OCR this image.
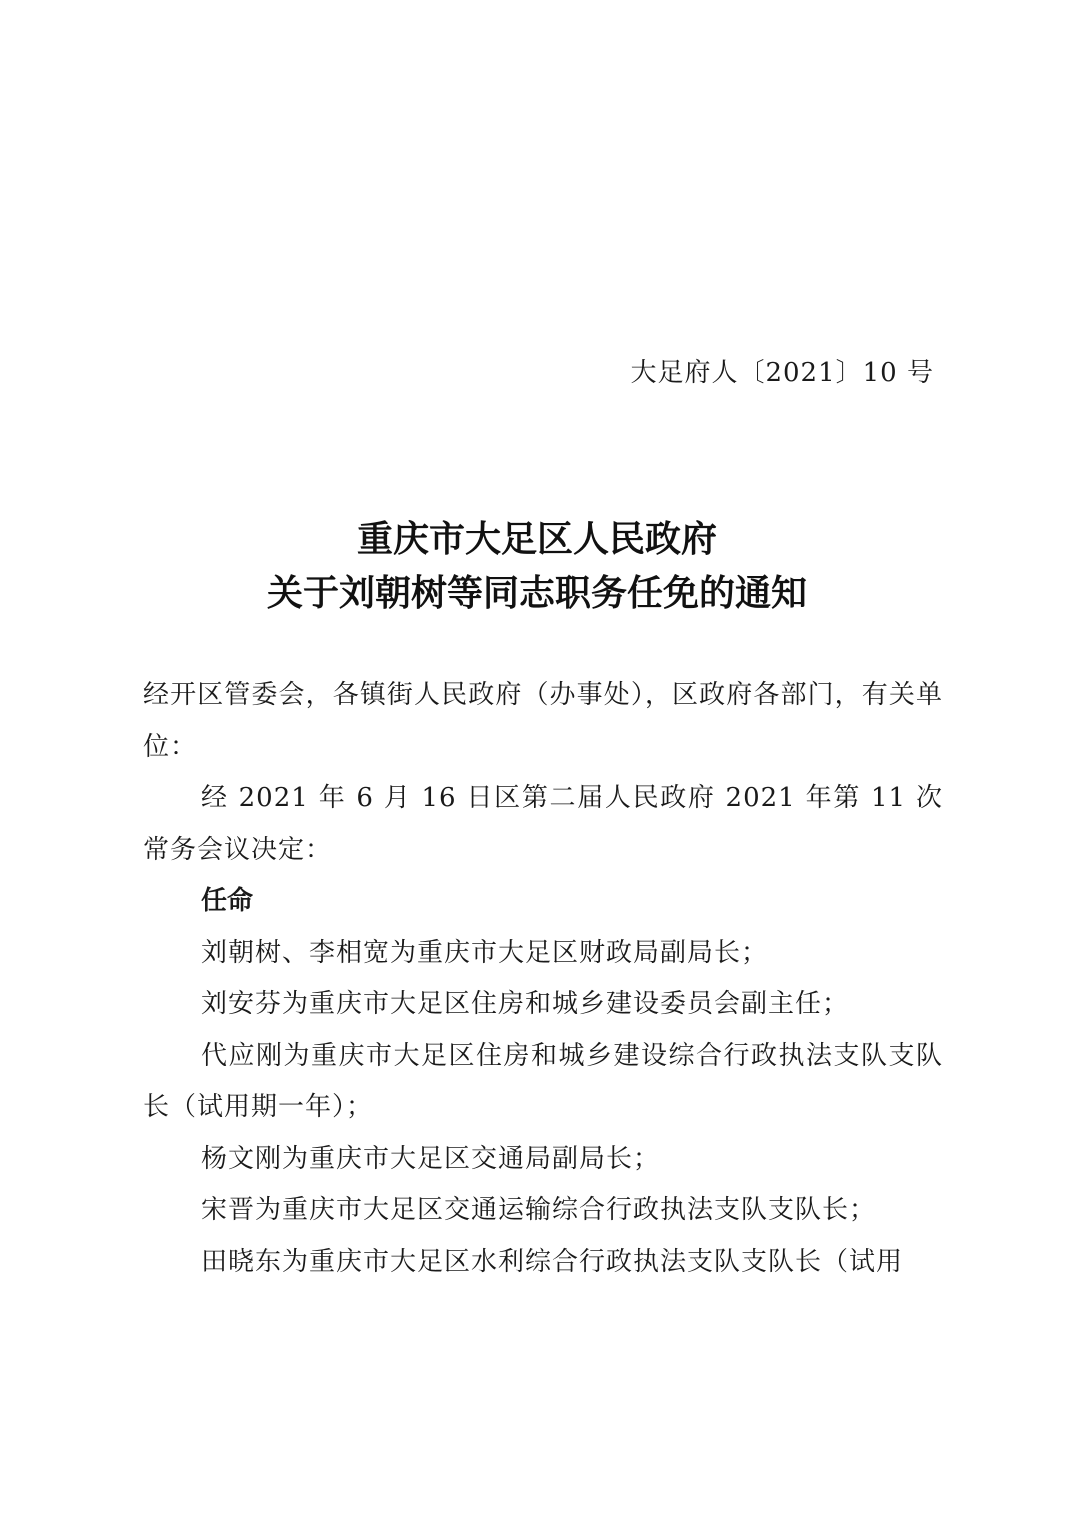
大足府人〔2021〕10 号
重庆市大足区人民政府
关于刘朝树等同志职务任免的通知

经开区管委会，各镇街人民政府（办事处），区政府各部门，有关单位：

经 2021 年 6 月 16 日区第二届人民政府 2021 年第 11 次常务会议决定：

任命

刘朝树、李相宽为重庆市大足区财政局副局长；

刘安芬为重庆市大足区住房和城乡建设委员会副主任；

代应刚为重庆市大足区住房和城乡建设综合行政执法支队支队长（试用期一年）；

杨文刚为重庆市大足区交通局副局长；

宋晋为重庆市大足区交通运输综合行政执法支队支队长；

田晓东为重庆市大足区水利综合行政执法支队支队长（试用
